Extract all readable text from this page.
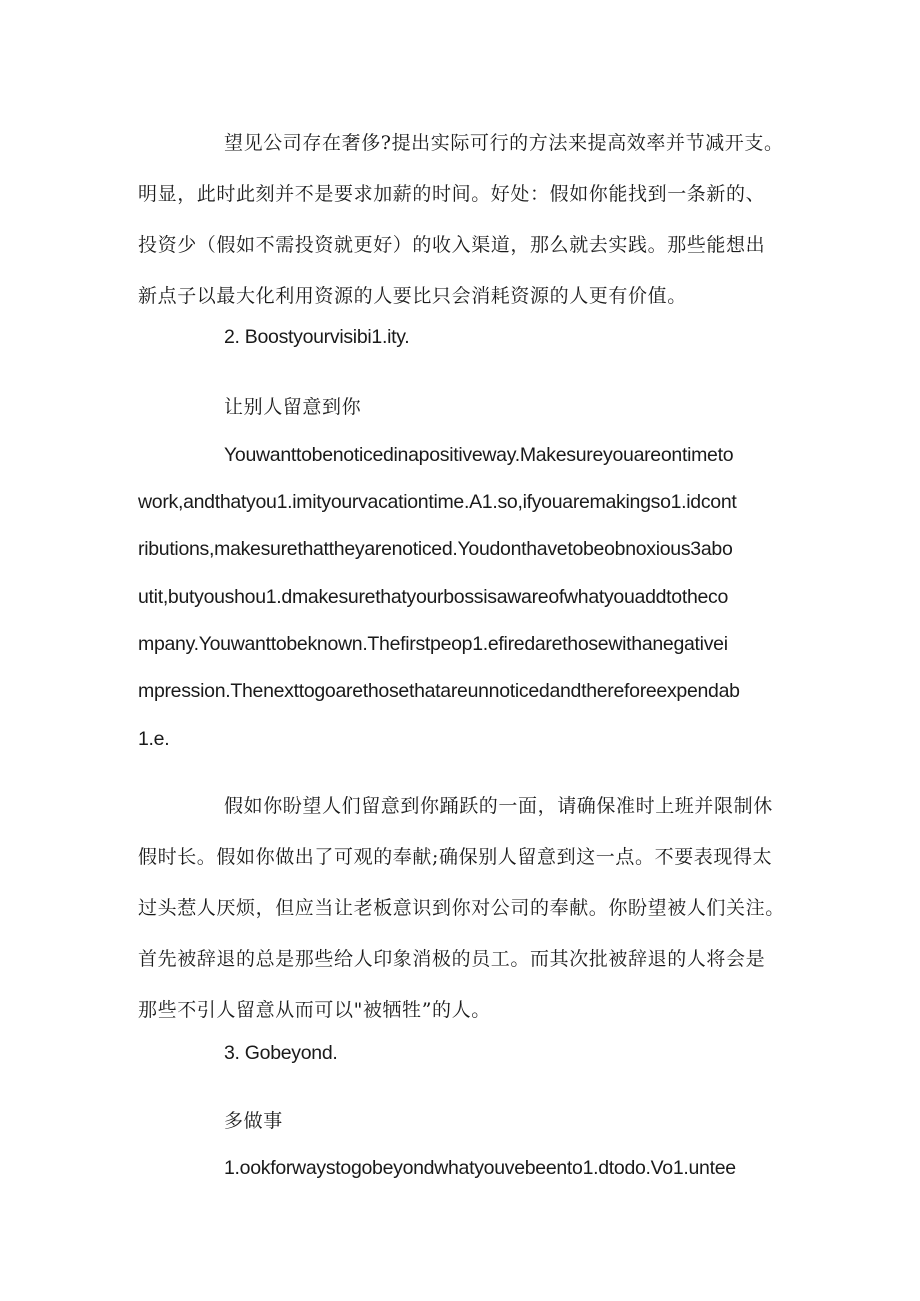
望见公司存在奢侈?提出实际可行的方法来提高效率并节减开支。

明显，此时此刻并不是要求加薪的时间。好处：假如你能找到一条新的、

投资少（假如不需投资就更好）的收入渠道，那么就去实践。那些能想出

新点子以最大化利用资源的人要比只会消耗资源的人更有价值。

2. Boostyourvisibi1.ity.

让别人留意到你

Youwanttobenoticedinapositiveway.Makesureyouareontimeto

work,andthatyou1.imityourvacationtime.A1.so,ifyouaremakingso1.idcont

ributions,makesurethattheyarenoticed.Youdonthavetobeobnoxious3abo

utit,butyoushou1.dmakesurethatyourbossisawareofwhatyouaddtotheco

mpany.Youwanttobeknown.Thefirstpeop1.efiredarethosewithanegativei

mpression.Thenexttogoarethosethatareunnoticedandthereforeexpendab

1.e.

假如你盼望人们留意到你踊跃的一面，请确保准时上班并限制休

假时长。假如你做出了可观的奉献;确保别人留意到这一点。不要表现得太

过头惹人厌烦，但应当让老板意识到你对公司的奉献。你盼望被人们关注。

首先被辞退的总是那些给人印象消极的员工。而其次批被辞退的人将会是

那些不引人留意从而可以"被牺牲”的人。

3. Gobeyond.

多做事

1.ookforwaystogobeyondwhatyouvebeento1.dtodo.Vo1.untee
